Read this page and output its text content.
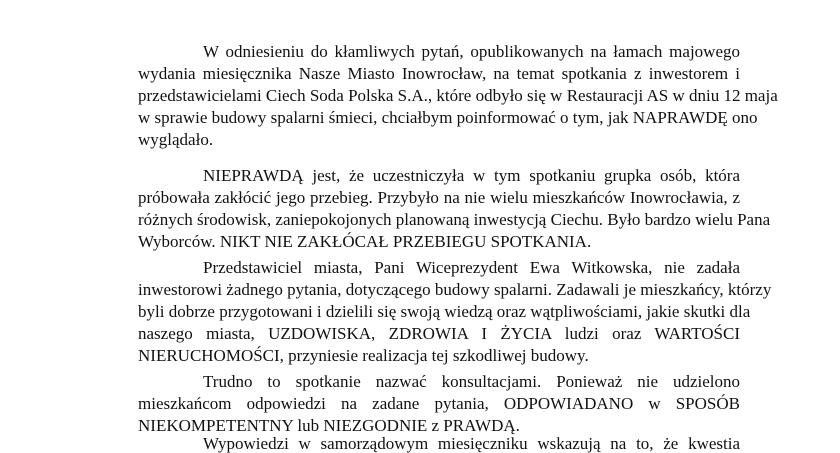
W odniesieniu do kłamliwych pytań, opublikowanych na łamach majowego
wydania miesięcznika Nasze Miasto Inowrocław, na temat spotkania z inwestorem i
przedstawicielami Ciech Soda Polska S.A., które odbyło się w Restauracji AS w dniu 12 maja
w sprawie budowy spalarni śmieci, chciałbym poinformować o tym, jak NAPRAWDĘ ono
wyglądało.
NIEPRAWDĄ jest, że uczestniczyła w tym spotkaniu grupka osób, która
próbowała zakłócić jego przebieg. Przybyło na nie wielu mieszkańców Inowrocławia, z
różnych środowisk, zaniepokojonych planowaną inwestycją Ciechu. Było bardzo wielu Pana
Wyborców. NIKT NIE ZAKŁÓCAŁ PRZEBIEGU SPOTKANIA.
Przedstawiciel miasta, Pani Wiceprezydent Ewa Witkowska, nie zadała
inwestorowi żadnego pytania, dotyczącego budowy spalarni. Zadawali je mieszkańcy, którzy
byli dobrze przygotowani i dzielili się swoją wiedzą oraz wątpliwościami, jakie skutki dla
naszego miasta, UZDOWISKA, ZDROWIA I ŻYCIA ludzi oraz WARTOŚCI
NIERUCHOMOŚCI, przyniesie realizacja tej szkodliwej budowy.
Trudno to spotkanie nazwać konsultacjami. Ponieważ nie udzielono
mieszkańcom odpowiedzi na zadane pytania, ODPOWIADANO w SPOSÓB
NIEKOMPETENTNY lub NIEZGODNIE z PRAWDĄ.
Wypowiedzi w samorządowym miesięczniku wskazują na to, że kwestia
